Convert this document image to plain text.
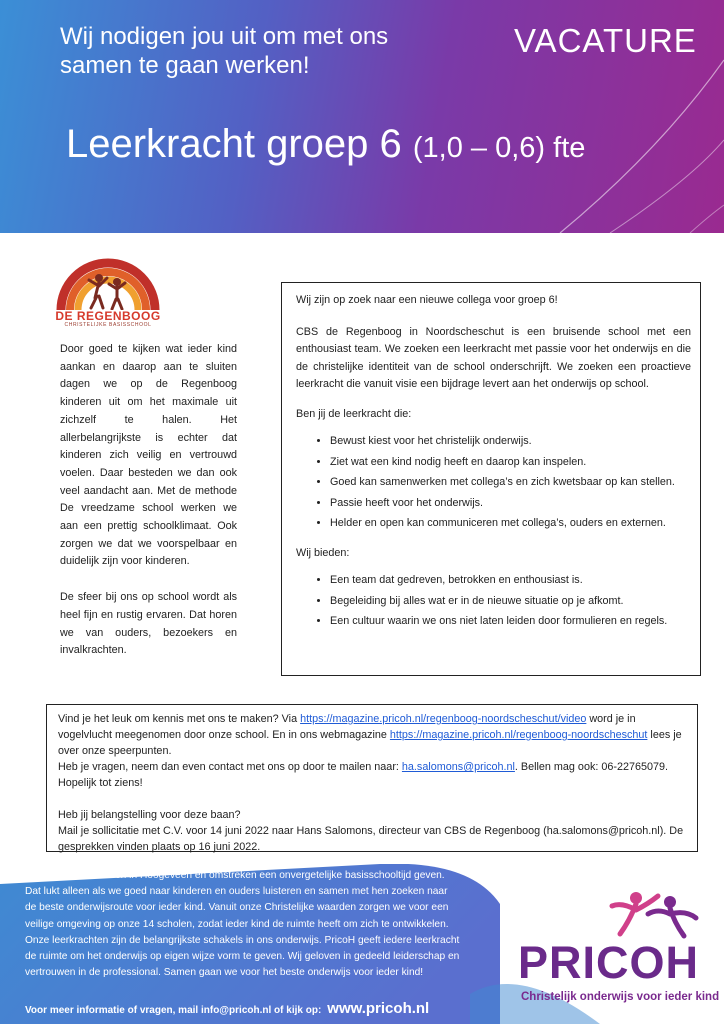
Wij nodigen jou uit om met ons samen te gaan werken!
VACATURE
Leerkracht groep 6 (1,0 – 0,6) fte
DE REGENBOOG
CHRISTELIJKE BASISSCHOOL

Door goed te kijken wat ieder kind aankan en daarop aan te sluiten dagen we op de Regenboog kinderen uit om het maximale uit zichzelf te halen. Het allerbelangrijkste is echter dat kinderen zich veilig en vertrouwd voelen. Daar besteden we dan ook veel aandacht aan. Met de methode De vreedzame school werken we aan een prettig schoolklimaat. Ook zorgen we dat we voorspelbaar en duidelijk zijn voor kinderen.

De sfeer bij ons op school wordt als heel fijn en rustig ervaren. Dat horen we van ouders, bezoekers en invalkrachten.

Wij zijn op zoek naar een nieuwe collega voor groep 6!

CBS de Regenboog in Noordscheschut is een bruisende school met een enthousiast team. We zoeken een leerkracht met passie voor het onderwijs en die de christelijke identiteit van de school onderschrijft. We zoeken een proactieve leerkracht die vanuit visie een bijdrage levert aan het onderwijs op school.

Ben jij de leerkracht die:

• Bewust kiest voor het christelijk onderwijs.
• Ziet wat een kind nodig heeft en daarop kan inspelen.
• Goed kan samenwerken met collega’s en zich kwetsbaar op kan stellen.
• Passie heeft voor het onderwijs.
• Helder en open kan communiceren met collega’s, ouders en externen.

Wij bieden:

• Een team dat gedreven, betrokken en enthousiast is.
• Begeleiding bij alles wat er in de nieuwe situatie op je afkomt.
• Een cultuur waarin we ons niet laten leiden door formulieren en regels.

Vind je het leuk om kennis met ons te maken? Via https://magazine.pricoh.nl/regenboog-noordscheschut/video word je in vogelvlucht meegenomen door onze school. En in ons webmagazine https://magazine.pricoh.nl/regenboog-noordscheschut lees je over onze speerpunten.

Heb je vragen, neem dan even contact met ons op door te mailen naar: ha.salomons@pricoh.nl. Bellen mag ook: 06-22765079. Hopelijk tot ziens!

Heb jij belangstelling voor deze baan?

Mail je sollicitatie met C.V. voor 14 juni 2022 naar Hans Salomons, directeur van CBS de Regenboog (ha.salomons@pricoh.nl). De gesprekken vinden plaats op 16 juni 2022.

PricoH wil de kinderen in Hoogeveen en omstreken een onvergetelijke basisschooltijd geven. Dat lukt alleen als we goed naar kinderen en ouders luisteren en samen met hen zoeken naar de beste onderwijsroute voor ieder kind. Vanuit onze Christelijke waarden zorgen we voor een veilige omgeving op onze 14 scholen, zodat ieder kind de ruimte heeft om zich te ontwikkelen. Onze leerkrachten zijn de belangrijkste schakels in ons onderwijs. PricoH geeft iedere leerkracht de ruimte om het onderwijs op eigen wijze vorm te geven. Wij geloven in gedeeld leiderschap en vertrouwen in de professional. Samen gaan we voor het beste onderwijs voor ieder kind!
Voor meer informatie of vragen, mail info@pricoh.nl of kijk op: www.pricoh.nl
PRICOH
Christelijk onderwijs voor ieder kind
